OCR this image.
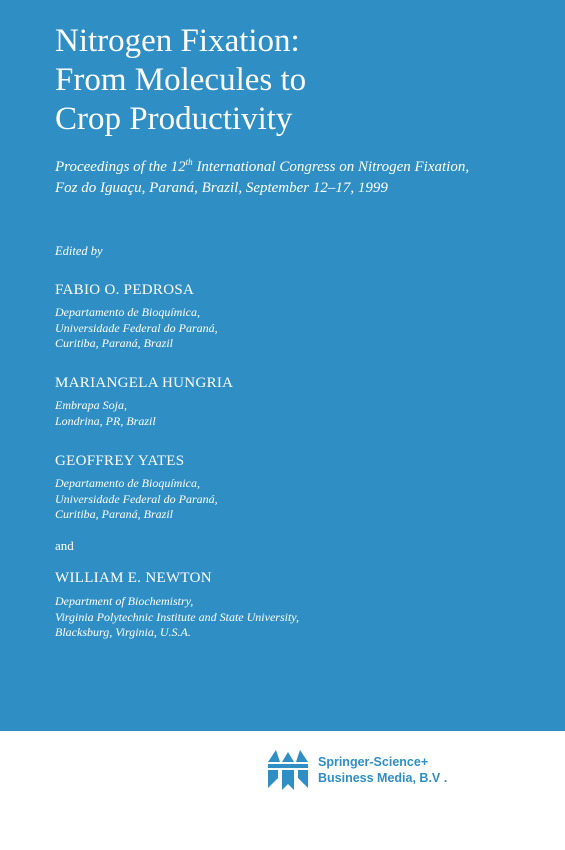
Nitrogen Fixation:
From Molecules to
Crop Productivity
Proceedings of the 12th International Congress on Nitrogen Fixation,
Foz do Iguaçu, Paraná, Brazil, September 12–17, 1999
Edited by
FABIO O. PEDROSA
Departamento de Bioquímica,
Universidade Federal do Paraná,
Curitiba, Paraná, Brazil
MARIANGELA HUNGRIA
Embrapa Soja,
Londrina, PR, Brazil
GEOFFREY YATES
Departamento de Bioquímica,
Universidade Federal do Paraná,
Curitiba, Paraná, Brazil
and
WILLIAM E. NEWTON
Department of Biochemistry,
Virginia Polytechnic Institute and State University,
Blacksburg, Virginia, U.S.A.
Springer-Science+
Business Media, B.V .
